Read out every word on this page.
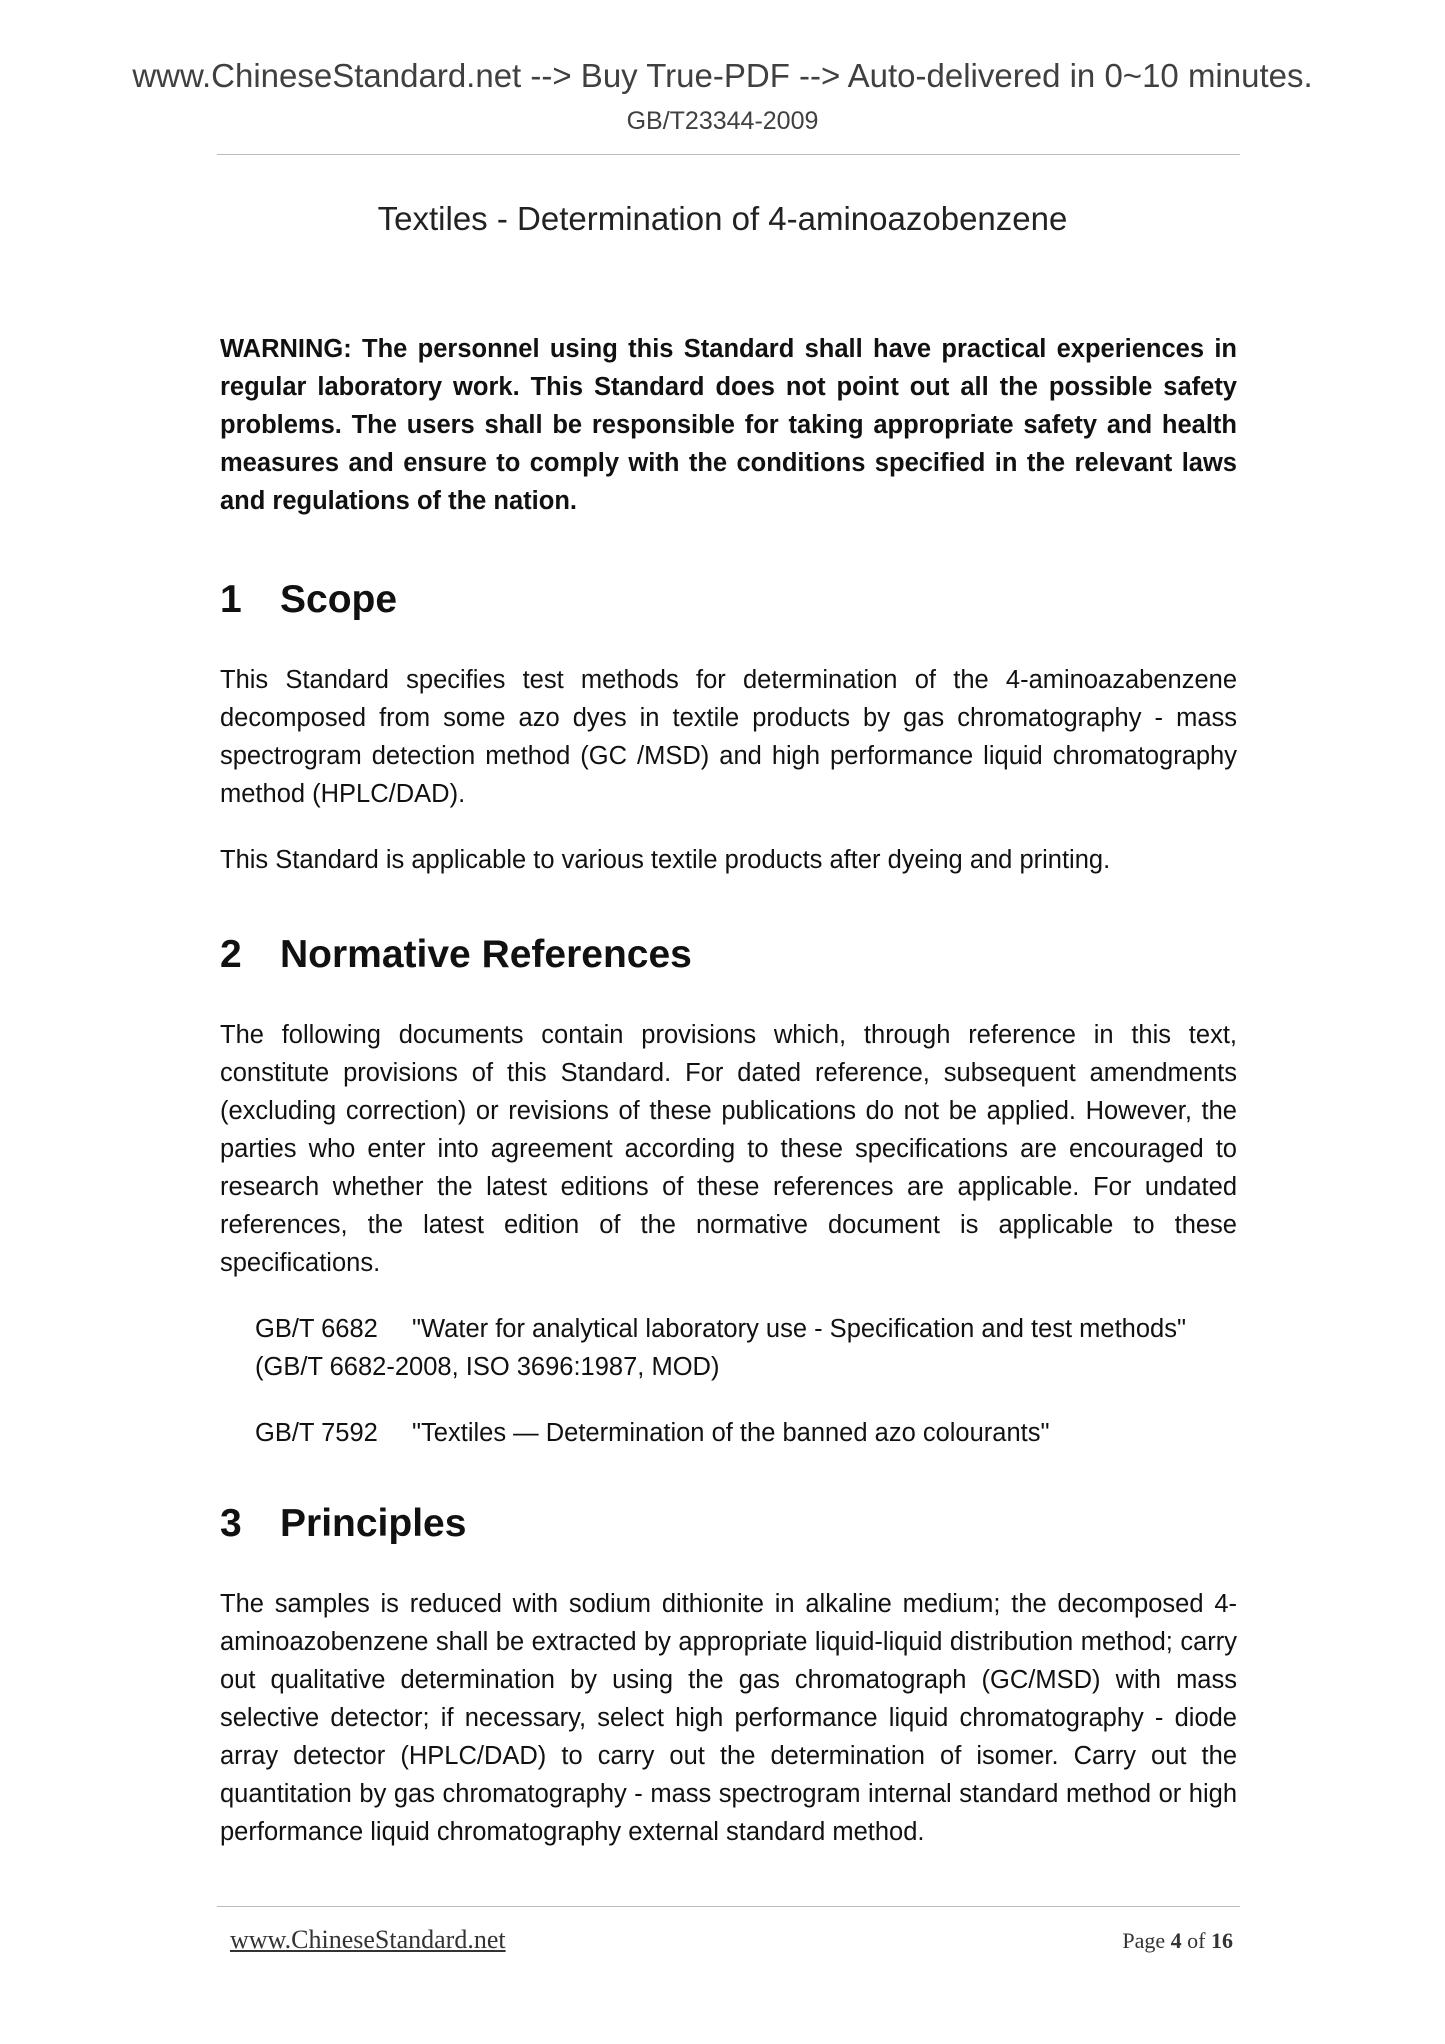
www.ChineseStandard.net --> Buy True-PDF --> Auto-delivered in 0~10 minutes.
GB/T23344-2009
Textiles - Determination of 4-aminoazobenzene

WARNING: The personnel using this Standard shall have practical experiences in regular laboratory work. This Standard does not point out all the possible safety problems. The users shall be responsible for taking appropriate safety and health measures and ensure to comply with the conditions specified in the relevant laws and regulations of the nation.

1 Scope

This Standard specifies test methods for determination of the 4-aminoazabenzene decomposed from some azo dyes in textile products by gas chromatography - mass spectrogram detection method (GC /MSD) and high performance liquid chromatography method (HPLC/DAD).

This Standard is applicable to various textile products after dyeing and printing.

2 Normative References

The following documents contain provisions which, through reference in this text, constitute provisions of this Standard. For dated reference, subsequent amendments (excluding correction) or revisions of these publications do not be applied. However, the parties who enter into agreement according to these specifications are encouraged to research whether the latest editions of these references are applicable. For undated references, the latest edition of the normative document is applicable to these specifications.

GB/T 6682 "Water for analytical laboratory use - Specification and test methods"
(GB/T 6682-2008, ISO 3696:1987, MOD)

GB/T 7592 "Textiles — Determination of the banned azo colourants"

3 Principles

The samples is reduced with sodium dithionite in alkaline medium; the decomposed 4-aminoazobenzene shall be extracted by appropriate liquid-liquid distribution method; carry out qualitative determination by using the gas chromatograph (GC/MSD) with mass selective detector; if necessary, select high performance liquid chromatography - diode array detector (HPLC/DAD) to carry out the determination of isomer. Carry out the quantitation by gas chromatography - mass spectrogram internal standard method or high performance liquid chromatography external standard method.

www.ChineseStandard.net	Page 4 of 16
